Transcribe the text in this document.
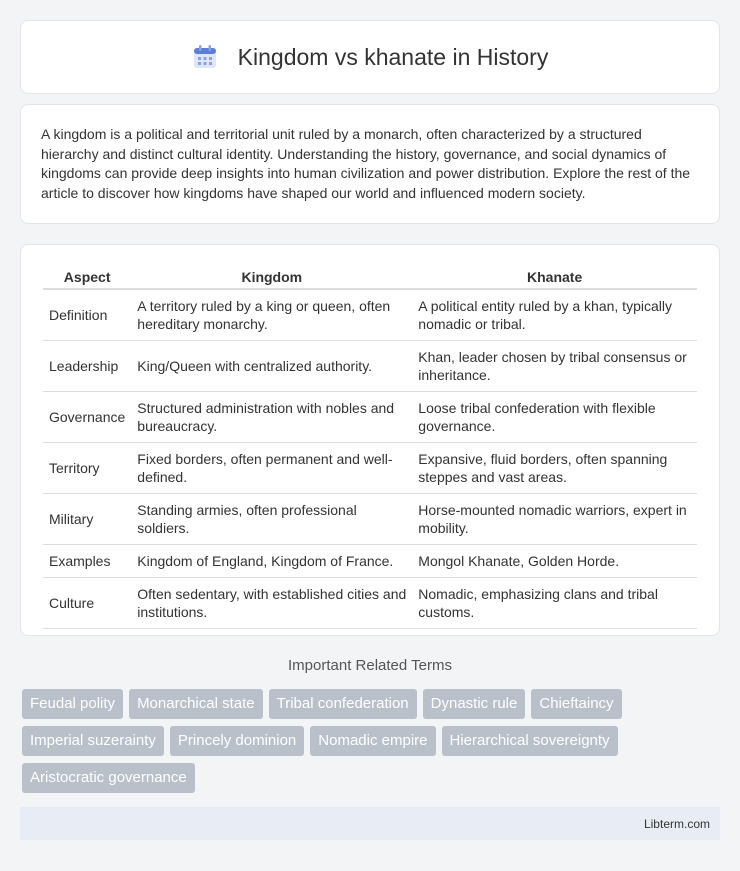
Kingdom vs khanate in History

A kingdom is a political and territorial unit ruled by a monarch, often characterized by a structured hierarchy and distinct cultural identity. Understanding the history, governance, and social dynamics of kingdoms can provide deep insights into human civilization and power distribution. Explore the rest of the article to discover how kingdoms have shaped our world and influenced modern society.

Aspect	Kingdom	Khanate
Definition	A territory ruled by a king or queen, often hereditary monarchy.	A political entity ruled by a khan, typically nomadic or tribal.
Leadership	King/Queen with centralized authority.	Khan, leader chosen by tribal consensus or inheritance.
Governance	Structured administration with nobles and bureaucracy.	Loose tribal confederation with flexible governance.
Territory	Fixed borders, often permanent and well-defined.	Expansive, fluid borders, often spanning steppes and vast areas.
Military	Standing armies, often professional soldiers.	Horse-mounted nomadic warriors, expert in mobility.
Examples	Kingdom of England, Kingdom of France.	Mongol Khanate, Golden Horde.
Culture	Often sedentary, with established cities and institutions.	Nomadic, emphasizing clans and tribal customs.
Important Related Terms
Feudal polity	Monarchical state	Tribal confederation	Dynastic rule	Chieftaincy
Imperial suzerainty	Princely dominion	Nomadic empire	Hierarchical sovereignty
Aristocratic governance
Libterm.com
